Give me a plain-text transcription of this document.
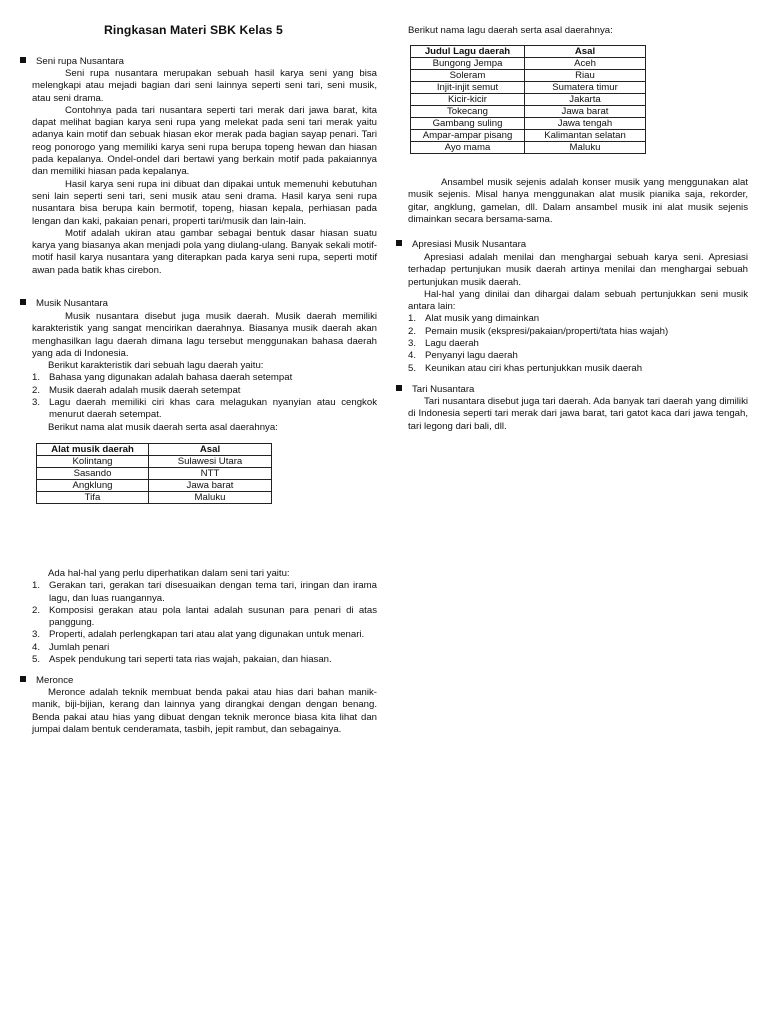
Ringkasan Materi SBK Kelas 5
Seni rupa Nusantara

Seni rupa nusantara merupakan sebuah hasil karya seni yang bisa melengkapi atau mejadi bagian dari seni lainnya seperti seni tari, seni musik, atau seni drama.

Contohnya pada tari nusantara seperti tari merak dari jawa barat, kita dapat melihat bagian karya seni rupa yang melekat pada seni tari merak yaitu adanya kain motif dan sebuak hiasan ekor merak pada bagian sayap penari. Tari reog ponorogo yang memiliki karya seni rupa berupa topeng hewan dan hiasan pada kepalanya. Ondel-ondel dari bertawi yang berkain motif pada pakaiannya dan memiliki hiasan pada kepalanya.

Hasil karya seni rupa ini dibuat dan dipakai untuk memenuhi kebutuhan seni lain seperti seni tari, seni musik atau seni drama. Hasil karya seni rupa nusantara bisa berupa kain bermotif, topeng, hiasan kepala, perhiasan pada lengan dan kaki, pakaian penari, properti tari/musik dan lain-lain.

Motif adalah ukiran atau gambar sebagai bentuk dasar hiasan suatu karya yang biasanya akan menjadi pola yang diulang-ulang. Banyak sekali motif-motif hasil karya nusantara yang diterapkan pada karya seni rupa, seperti motif awan pada batik khas cirebon.

Musik Nusantara

Musik nusantara disebut juga musik daerah. Musik daerah memiliki karakteristik yang sangat mencirikan daerahnya. Biasanya musik daerah akan menghasilkan lagu daerah dimana lagu tersebut menggunakan bahasa daerah yang ada di Indonesia.

Berikut karakteristik dari sebuah lagu daerah yaitu:

1. Bahasa yang digunakan adalah bahasa daerah setempat
2. Musik daerah adalah musik daerah setempat
3. Lagu daerah memiliki ciri khas cara melagukan nyanyian atau cengkok menurut daerah setempat.

Berikut nama alat musik daerah serta asal daerahnya:

Alat musik daerah	Asal
Kolintang	Sulawesi Utara
Sasando	NTT
Angklung	Jawa barat
Tifa	Maluku

Ada hal-hal yang perlu diperhatikan dalam seni tari yaitu:

1. Gerakan tari, gerakan tari disesuaikan dengan tema tari, iringan dan irama lagu, dan luas ruangannya.
2. Komposisi gerakan atau pola lantai adalah susunan para penari di atas panggung.
3. Properti, adalah perlengkapan tari atau alat yang digunakan untuk menari.
4. Jumlah penari
5. Aspek pendukung tari seperti tata rias wajah, pakaian, dan hiasan.
Meronce

Meronce adalah teknik membuat benda pakai atau hias dari bahan manik-manik, biji-bijian, kerang dan lainnya yang dirangkai dengan dengan benang. Benda pakai atau hias yang dibuat dengan teknik meronce biasa kita lihat dan jumpai dalam bentuk cenderamata, tasbih, jepit rambut, dan sebagainya.

Berikut nama lagu daerah serta asal daerahnya:

Judul Lagu daerah	Asal
Bungong Jempa	Aceh
Soleram	Riau
Injit-injit semut	Sumatera timur
Kicir-kicir	Jakarta
Tokecang	Jawa barat
Gambang suling	Jawa tengah
Ampar-ampar pisang	Kalimantan selatan
Ayo mama	Maluku

Ansambel musik sejenis adalah konser musik yang menggunakan alat musik sejenis. Misal hanya menggunakan alat musik pianika saja, rekorder, gitar, angklung, gamelan, dll. Dalam ansambel musik ini alat musik sejenis dimainkan secara bersama-sama.

Apresiasi Musik Nusantara

Apresiasi adalah menilai dan menghargai sebuah karya seni. Apresiasi terhadap pertunjukan musik daerah artinya menilai dan menghargai sebuah pertunjukan musik daerah.

Hal-hal yang dinilai dan dihargai dalam sebuah pertunjukkan seni musik antara lain:

1. Alat musik yang dimainkan
2. Pemain musik (ekspresi/pakaian/properti/tata hias wajah)
3. Lagu daerah
4. Penyanyi lagu daerah
5. Keunikan atau ciri khas pertunjukkan musik daerah
Tari Nusantara

Tari nusantara disebut juga tari daerah. Ada banyak tari daerah yang dimiliki di Indonesia seperti tari merak dari jawa barat, tari gatot kaca dari jawa tengah, tari legong dari bali, dll.
